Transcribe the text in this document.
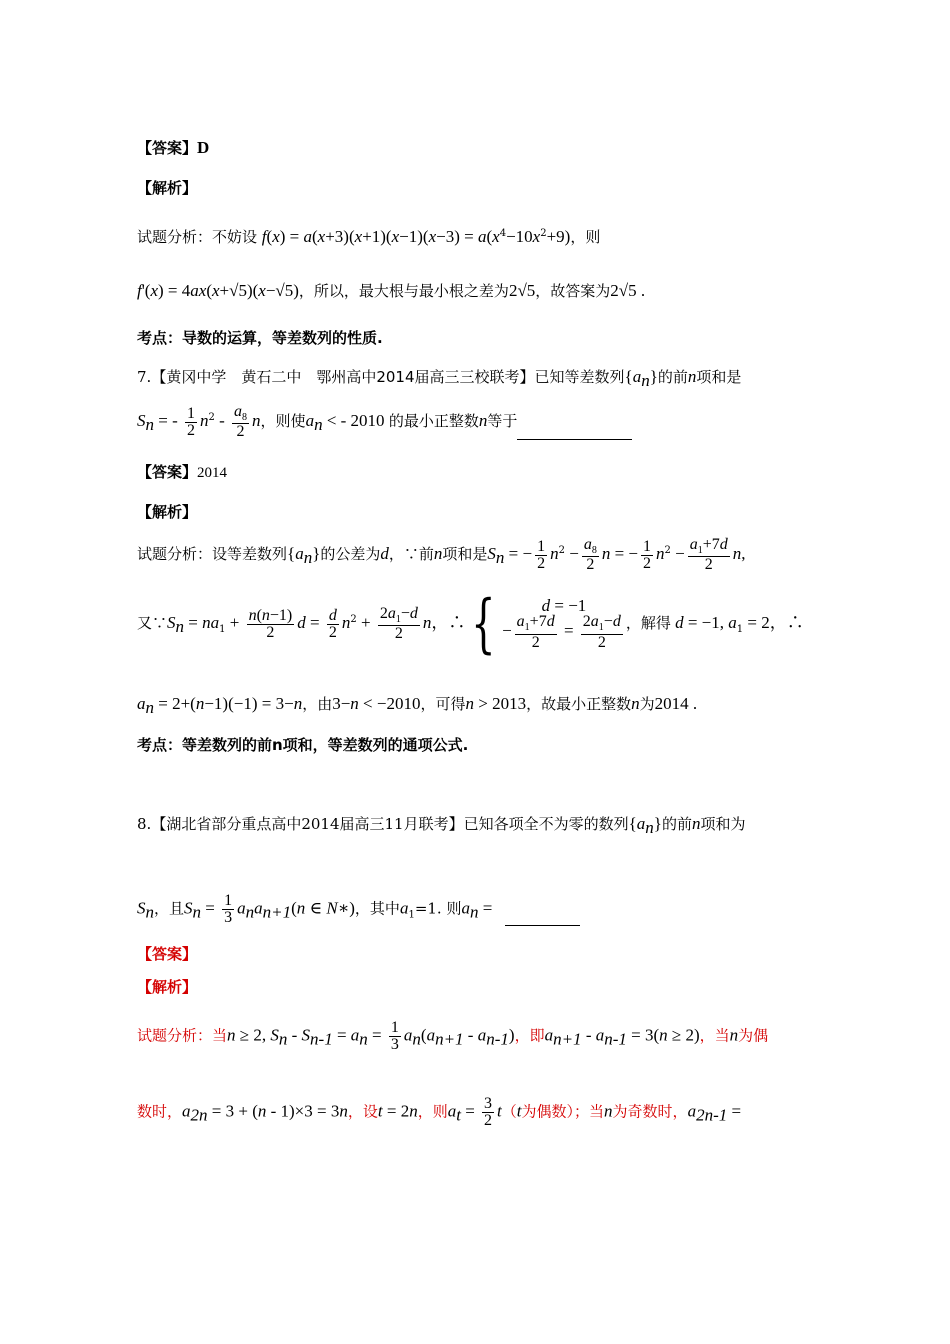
【答案】D
【解析】
试题分析：不妨设 $f(x) = a(x+3)(x+1)(x-1)(x-3) = a(x^4-10x^2+9)$，则
f'(x) = 4ax(x+√5)(x−√5)，所以，最大根与最小根之差为2√5，故答案为2√5 .
考点：导数的运算，等差数列的性质.
7.【黄冈中学　黄石二中　鄂州高中2014届高三三校联考】已知等差数列$\{a_n\}$的前n项和是
$S_n$ = - $\frac{1}{2} n^2 - \frac{a_8}{2}$ n，则使$a_n$ < - 2010 的最小正整数n等于
【答案】2014
【解析】
试题分析：设等差数列$\{a_n\}$的公差为d，∵前n项和是$S_n$ = − $\frac{1}{2} n^2 - \frac{a_8}{2}$ n = − $\frac{1}{2} n^2 - \frac{a_1+7d}{2} n$,
又$\because S_n = na_1 + \frac{n(n-1)}{2}$ $d = \frac{d}{2} n^2 + \frac{2a_1-d}{2}$ n，∴{	d = −1
− $\frac{a_1+7d}{2} = \frac{2a_1-d}{2}$ ，解得 d = −1, $a_1 = 2$，∴
$a_n = 2+(n-1)(-1) = 3-n$，由3−n < −2010，可得n > 2013，故最小正整数n为2014 .
考点：等差数列的前n项和，等差数列的通项公式.
8.【湖北省部分重点高中2014届高三11月联考】已知各项全不为零的数列$\{a_n\}$的前n项和为
$S_n$，且$S_n = \frac{1}{3} a_na_{n+1}(n$ ∈ N∗)，其中$a_1=1$. 则$a_n$ =
【答案】
【解析】
试题分析：当n ≥ 2, $S_n - S_{n-1} = a_n = \frac{1}{3} a_n(a_{n+1} - a_{n-1})$，即$a_{n+1} - a_{n-1} = 3(n \ge 2)$，当n为偶
数时，$a_{2n} = 3 + (n - 1)\times 3 = 3n$，设t = 2n，则$a_t = \frac{3}{2} t(t$为偶数）；当n为奇数时，$a_{2n-1}$ =
